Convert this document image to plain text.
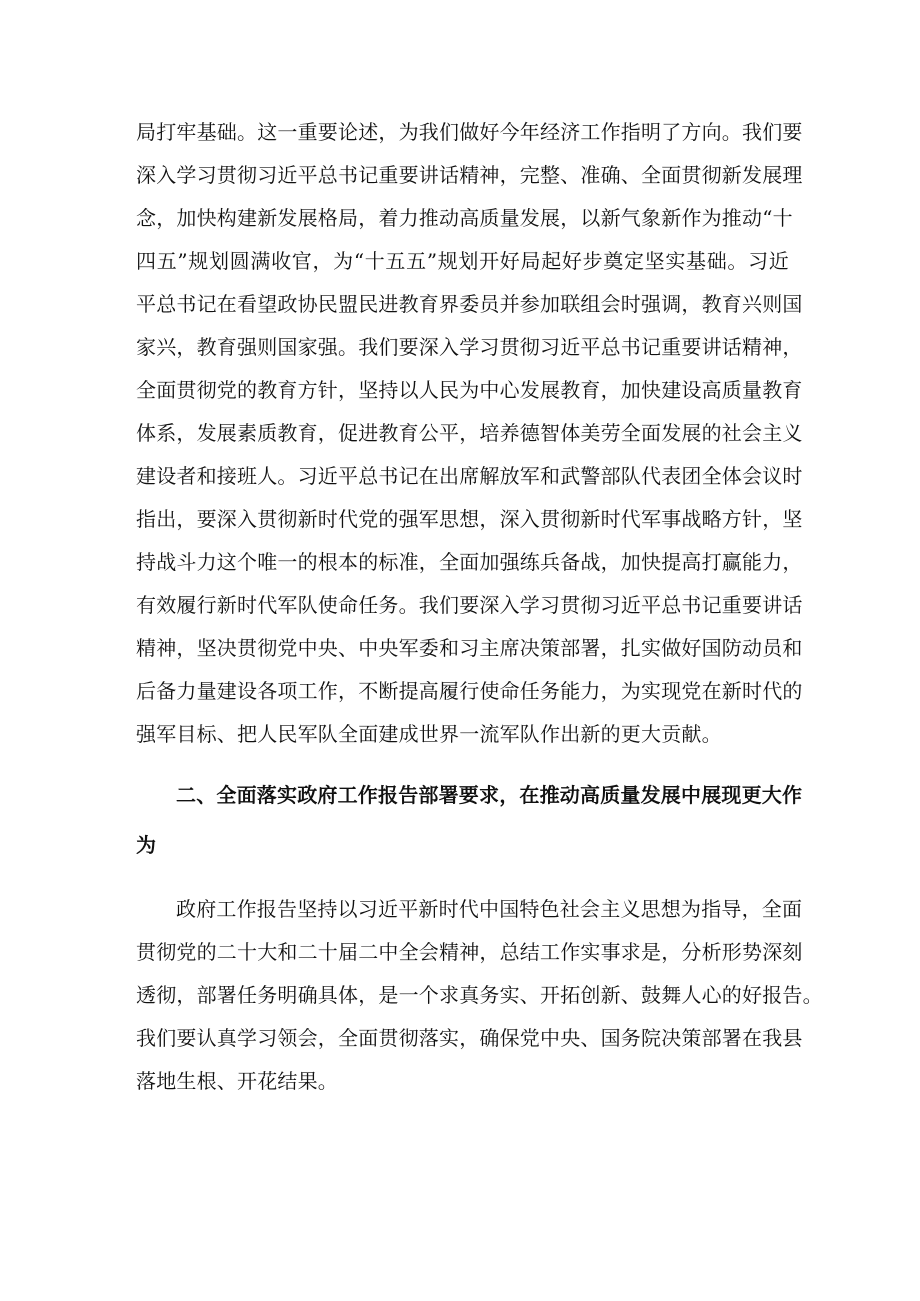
局打牢基础。这一重要论述，为我们做好今年经济工作指明了方向。我们要
深入学习贯彻习近平总书记重要讲话精神，完整、准确、全面贯彻新发展理
念，加快构建新发展格局，着力推动高质量发展，以新气象新作为推动“十
四五”规划圆满收官，为“十五五”规划开好局起好步奠定坚实基础。习近
平总书记在看望政协民盟民进教育界委员并参加联组会时强调，教育兴则国
家兴，教育强则国家强。我们要深入学习贯彻习近平总书记重要讲话精神，
全面贯彻党的教育方针，坚持以人民为中心发展教育，加快建设高质量教育
体系，发展素质教育，促进教育公平，培养德智体美劳全面发展的社会主义
建设者和接班人。习近平总书记在出席解放军和武警部队代表团全体会议时
指出，要深入贯彻新时代党的强军思想，深入贯彻新时代军事战略方针，坚
持战斗力这个唯一的根本的标准，全面加强练兵备战，加快提高打赢能力，
有效履行新时代军队使命任务。我们要深入学习贯彻习近平总书记重要讲话
精神，坚决贯彻党中央、中央军委和习主席决策部署，扎实做好国防动员和
后备力量建设各项工作，不断提高履行使命任务能力，为实现党在新时代的
强军目标、把人民军队全面建成世界一流军队作出新的更大贡献。
二、全面落实政府工作报告部署要求，在推动高质量发展中展现更大作
为
政府工作报告坚持以习近平新时代中国特色社会主义思想为指导，全面
贯彻党的二十大和二十届二中全会精神，总结工作实事求是，分析形势深刻
透彻，部署任务明确具体，是一个求真务实、开拓创新、鼓舞人心的好报告。
我们要认真学习领会，全面贯彻落实，确保党中央、国务院决策部署在我县
落地生根、开花结果。
